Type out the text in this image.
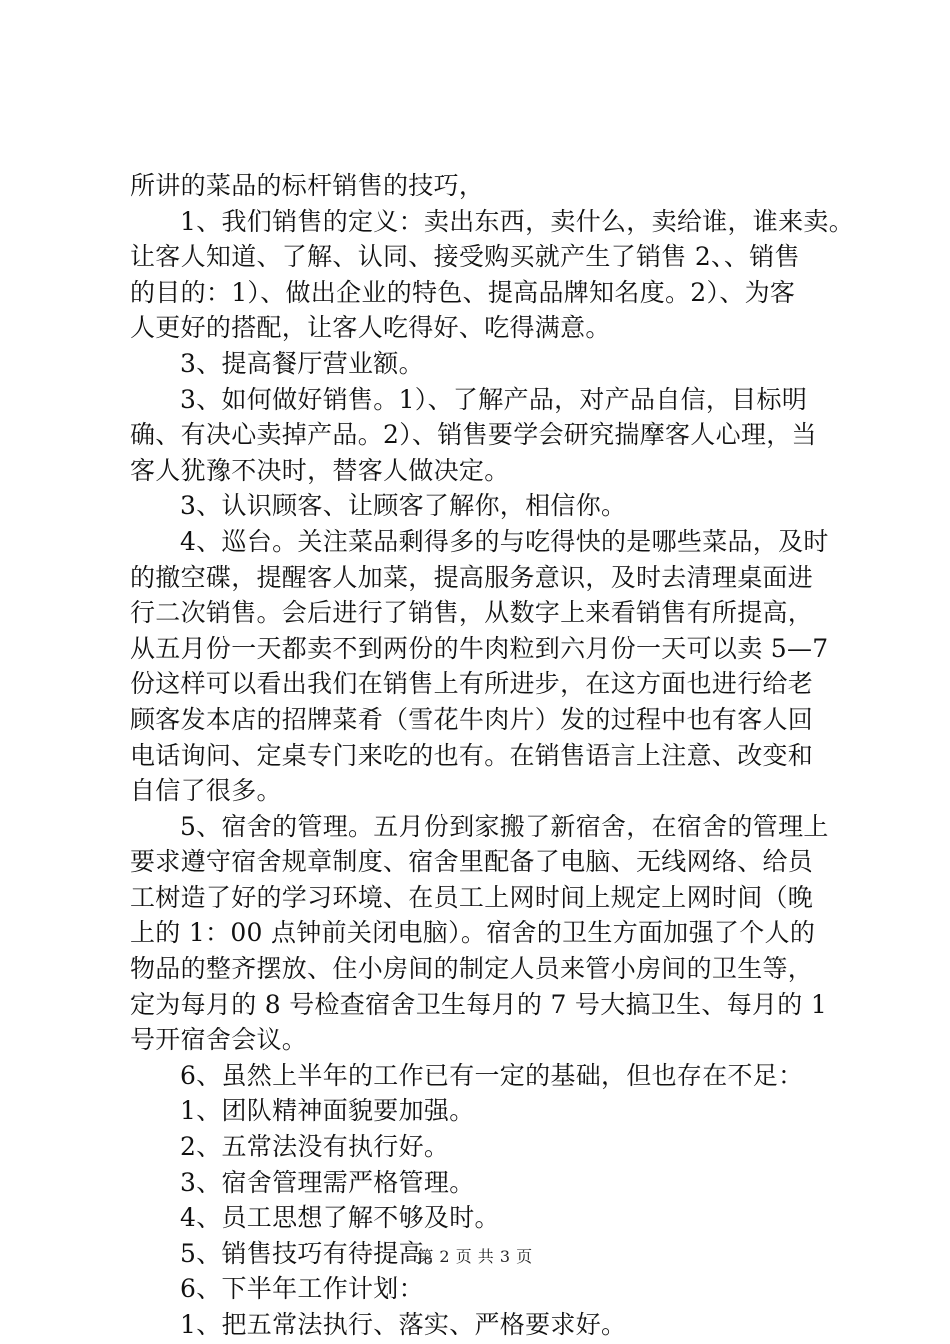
所讲的菜品的标杆销售的技巧，
1、我们销售的定义：卖出东西，卖什么，卖给谁，谁来卖。
让客人知道、了解、认同、接受购买就产生了销售 2、、销售
的目的：1）、做出企业的特色、提高品牌知名度。2）、为客
人更好的搭配，让客人吃得好、吃得满意。
3、提高餐厅营业额。
3、如何做好销售。1）、了解产品，对产品自信，目标明
确、有决心卖掉产品。2）、销售要学会研究揣摩客人心理，当
客人犹豫不决时，替客人做决定。
3、认识顾客、让顾客了解你，相信你。
4、巡台。关注菜品剩得多的与吃得快的是哪些菜品，及时
的撤空碟，提醒客人加菜，提高服务意识，及时去清理桌面进
行二次销售。会后进行了销售，从数字上来看销售有所提高，
从五月份一天都卖不到两份的牛肉粒到六月份一天可以卖 5—7
份这样可以看出我们在销售上有所进步，在这方面也进行给老
顾客发本店的招牌菜肴（雪花牛肉片）发的过程中也有客人回
电话询问、定桌专门来吃的也有。在销售语言上注意、改变和
自信了很多。
5、宿舍的管理。五月份到家搬了新宿舍，在宿舍的管理上
要求遵守宿舍规章制度、宿舍里配备了电脑、无线网络、给员
工树造了好的学习环境、在员工上网时间上规定上网时间（晚
上的 1：00 点钟前关闭电脑）。宿舍的卫生方面加强了个人的
物品的整齐摆放、住小房间的制定人员来管小房间的卫生等，
定为每月的 8 号检查宿舍卫生每月的 7 号大搞卫生、每月的 1
号开宿舍会议。
6、虽然上半年的工作已有一定的基础，但也存在不足：
1、团队精神面貌要加强。
2、五常法没有执行好。
3、宿舍管理需严格管理。
4、员工思想了解不够及时。
5、销售技巧有待提高。
6、下半年工作计划：
1、把五常法执行、落实、严格要求好。
第 2 页 共 3 页
